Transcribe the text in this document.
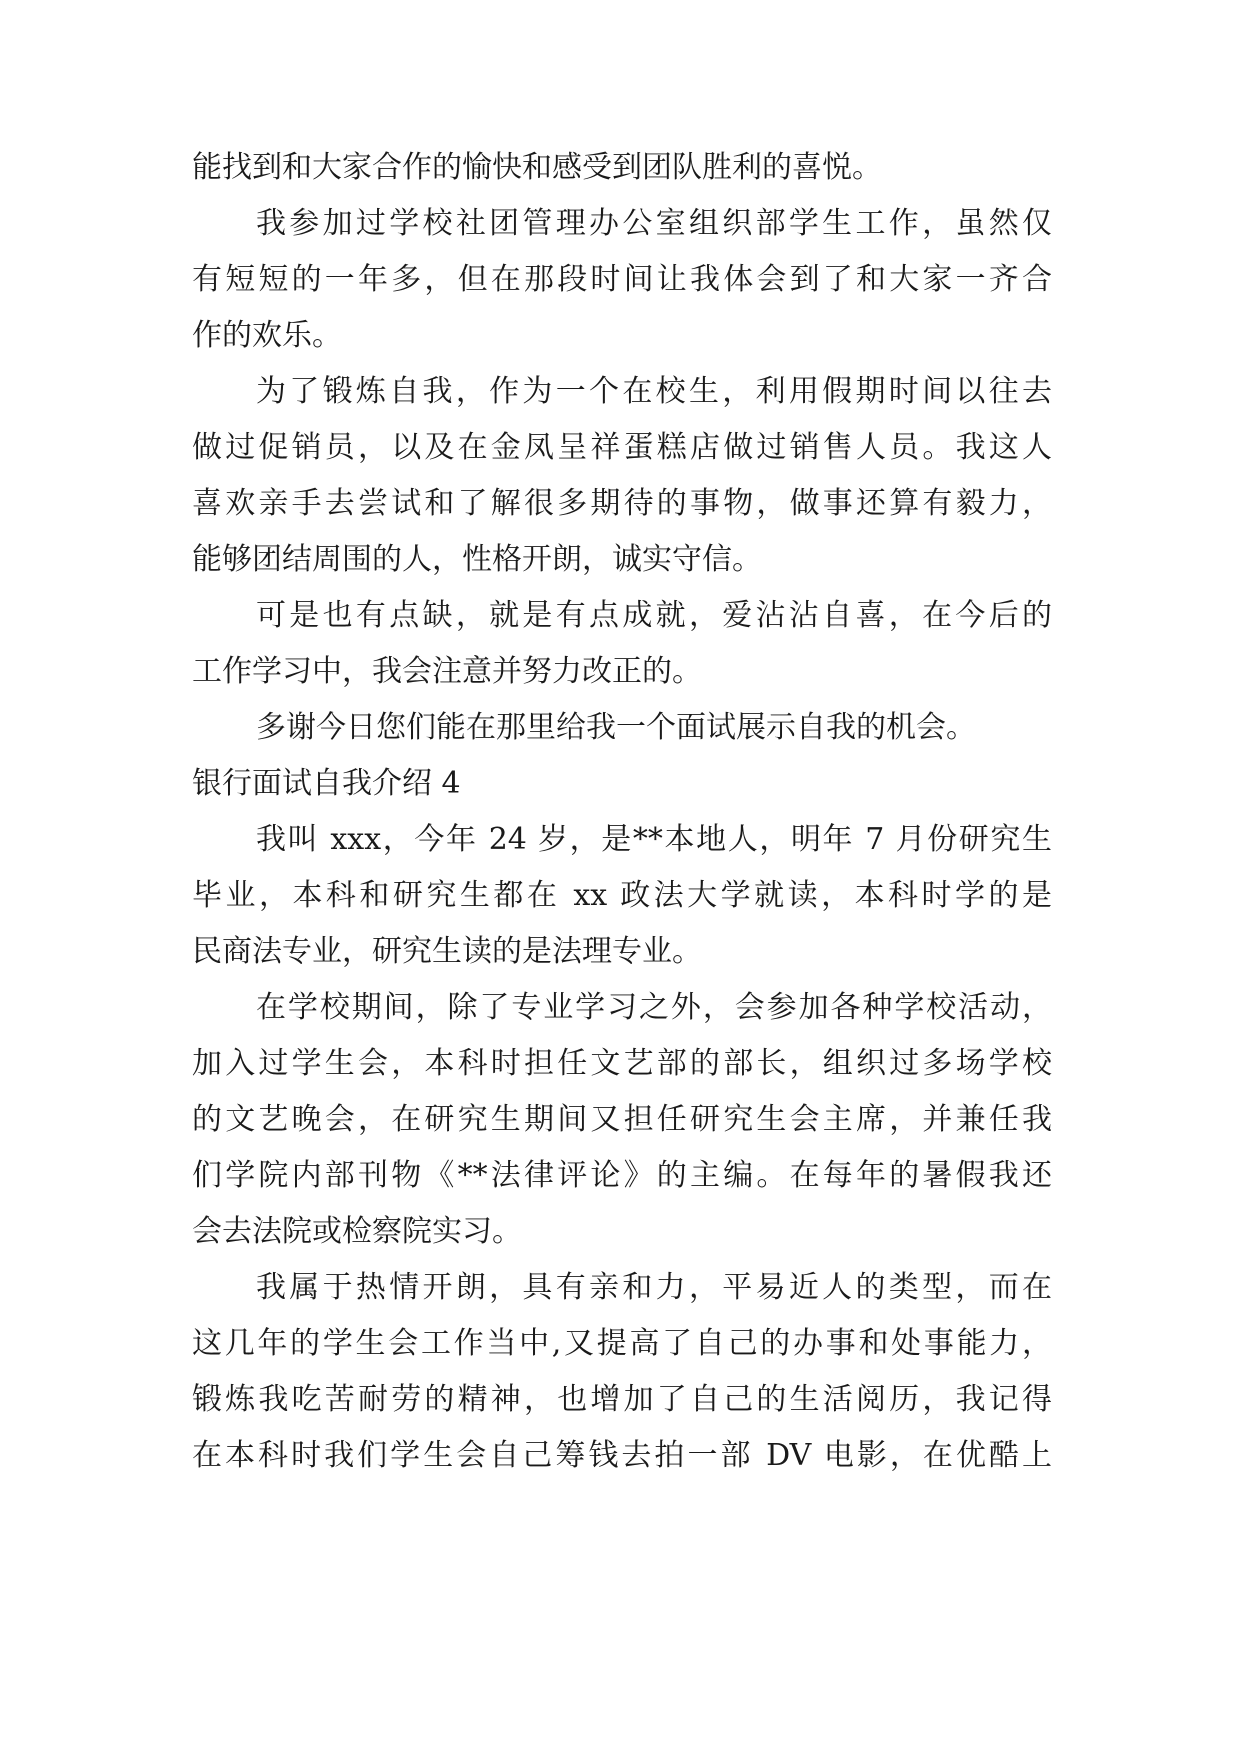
能找到和大家合作的愉快和感受到团队胜利的喜悦。
我参加过学校社团管理办公室组织部学生工作，虽然仅
有短短的一年多，但在那段时间让我体会到了和大家一齐合
作的欢乐。
为了锻炼自我，作为一个在校生，利用假期时间以往去
做过促销员，以及在金凤呈祥蛋糕店做过销售人员。我这人
喜欢亲手去尝试和了解很多期待的事物，做事还算有毅力，
能够团结周围的人，性格开朗，诚实守信。
可是也有点缺，就是有点成就，爱沾沾自喜，在今后的
工作学习中，我会注意并努力改正的。
多谢今日您们能在那里给我一个面试展示自我的机会。
银行面试自我介绍 4
我叫 xxx，今年 24 岁，是**本地人，明年 7 月份研究生
毕业，本科和研究生都在 xx 政法大学就读，本科时学的是
民商法专业，研究生读的是法理专业。
在学校期间，除了专业学习之外，会参加各种学校活动，
加入过学生会，本科时担任文艺部的部长，组织过多场学校
的文艺晚会，在研究生期间又担任研究生会主席，并兼任我
们学院内部刊物《**法律评论》的主编。在每年的暑假我还
会去法院或检察院实习。
我属于热情开朗，具有亲和力，平易近人的类型，而在
这几年的学生会工作当中,又提高了自己的办事和处事能力，
锻炼我吃苦耐劳的精神，也增加了自己的生活阅历，我记得
在本科时我们学生会自己筹钱去拍一部 DV 电影，在优酷上
